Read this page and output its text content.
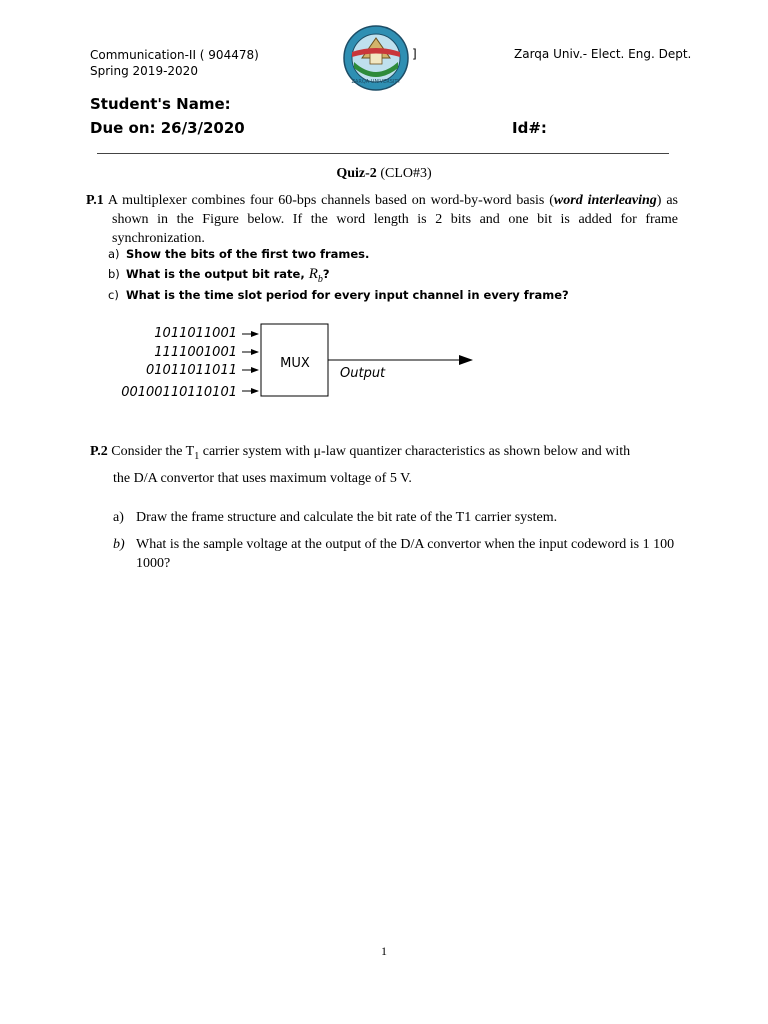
Communication-II ( 904478)
Spring 2019-2020
ZARQA UNIVERSITY
]	Zarqa Univ.- Elect. Eng. Dept.
Student's Name:
Due on: 26/3/2020	Id#:
Quiz-2 (CLO#3)
P.1 A multiplexer combines four 60-bps channels based on word-by-word basis (word interleaving) as shown in the Figure below. If the word length is 2 bits and one bit is added for frame synchronization.
a) Show the bits of the first two frames.
b) What is the output bit rate, $R_b$?
c) What is the time slot period for every input channel in every frame?
1011011001
1111001001
01011011011
00100110110101
MUX
Output
P.2 Consider the $T_1$ carrier system with μ-law quantizer characteristics as shown below and with
the D/A convertor that uses maximum voltage of 5 V.
a) Draw the frame structure and calculate the bit rate of the T1 carrier system.
b) What is the sample voltage at the output of the D/A convertor when the input codeword is 1 100 1000?
1
